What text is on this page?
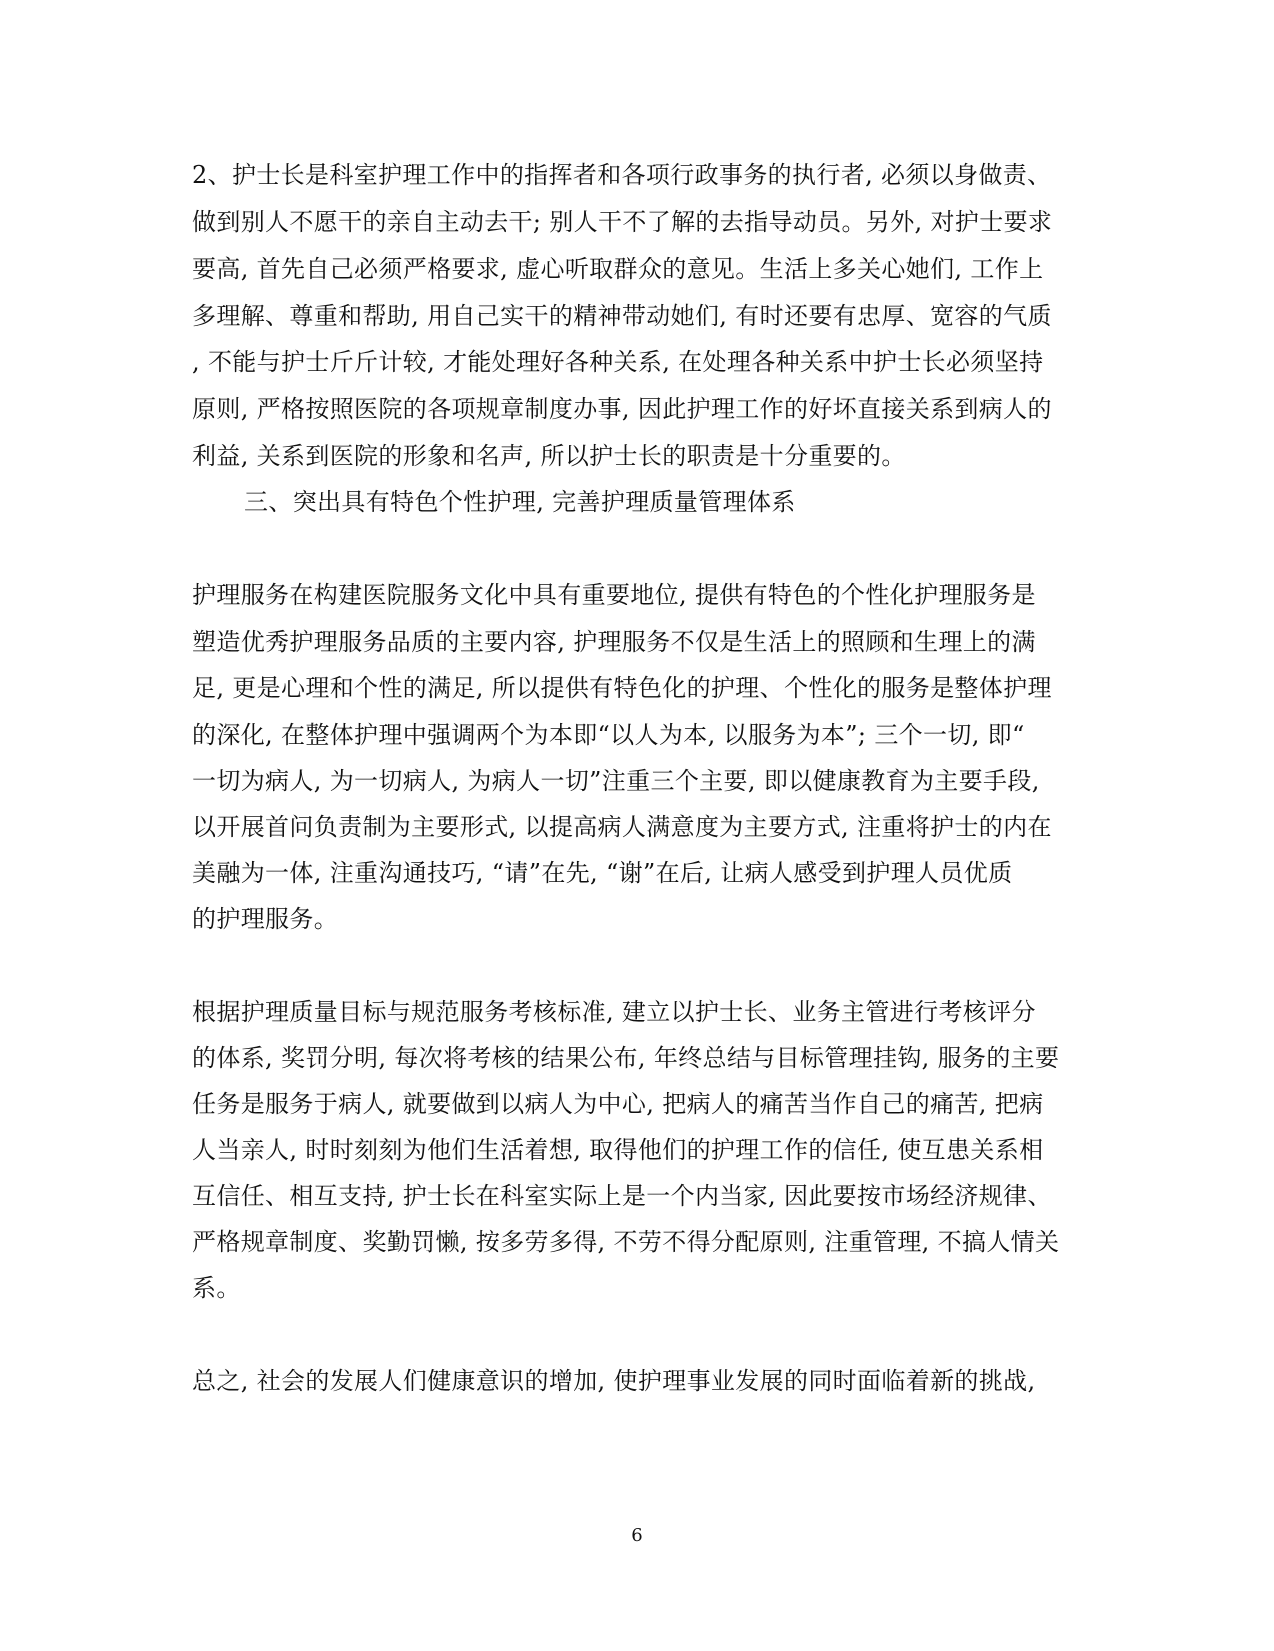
2、护士长是科室护理工作中的指挥者和各项行政事务的执行者, 必须以身做责、
做到别人不愿干的亲自主动去干; 别人干不了解的去指导动员。另外, 对护士要求
要高, 首先自己必须严格要求, 虚心听取群众的意见。生活上多关心她们, 工作上
多理解、尊重和帮助, 用自己实干的精神带动她们, 有时还要有忠厚、宽容的气质
, 不能与护士斤斤计较, 才能处理好各种关系, 在处理各种关系中护士长必须坚持
原则, 严格按照医院的各项规章制度办事, 因此护理工作的好坏直接关系到病人的
利益, 关系到医院的形象和名声, 所以护士长的职责是十分重要的。
三、突出具有特色个性护理, 完善护理质量管理体系
护理服务在构建医院服务文化中具有重要地位, 提供有特色的个性化护理服务是
塑造优秀护理服务品质的主要内容, 护理服务不仅是生活上的照顾和生理上的满
足, 更是心理和个性的满足, 所以提供有特色化的护理、个性化的服务是整体护理
的深化, 在整体护理中强调两个为本即“以人为本, 以服务为本”; 三个一切, 即“
一切为病人, 为一切病人, 为病人一切”注重三个主要, 即以健康教育为主要手段,
以开展首问负责制为主要形式, 以提高病人满意度为主要方式, 注重将护士的内在
美融为一体, 注重沟通技巧, “请”在先, “谢”在后, 让病人感受到护理人员优质
的护理服务。
根据护理质量目标与规范服务考核标准, 建立以护士长、业务主管进行考核评分
的体系, 奖罚分明, 每次将考核的结果公布, 年终总结与目标管理挂钩, 服务的主要
任务是服务于病人, 就要做到以病人为中心, 把病人的痛苦当作自己的痛苦, 把病
人当亲人, 时时刻刻为他们生活着想, 取得他们的护理工作的信任, 使互患关系相
互信任、相互支持, 护士长在科室实际上是一个内当家, 因此要按市场经济规律、
严格规章制度、奖勤罚懒, 按多劳多得, 不劳不得分配原则, 注重管理, 不搞人情关
系。
总之, 社会的发展人们健康意识的增加, 使护理事业发展的同时面临着新的挑战,
6
